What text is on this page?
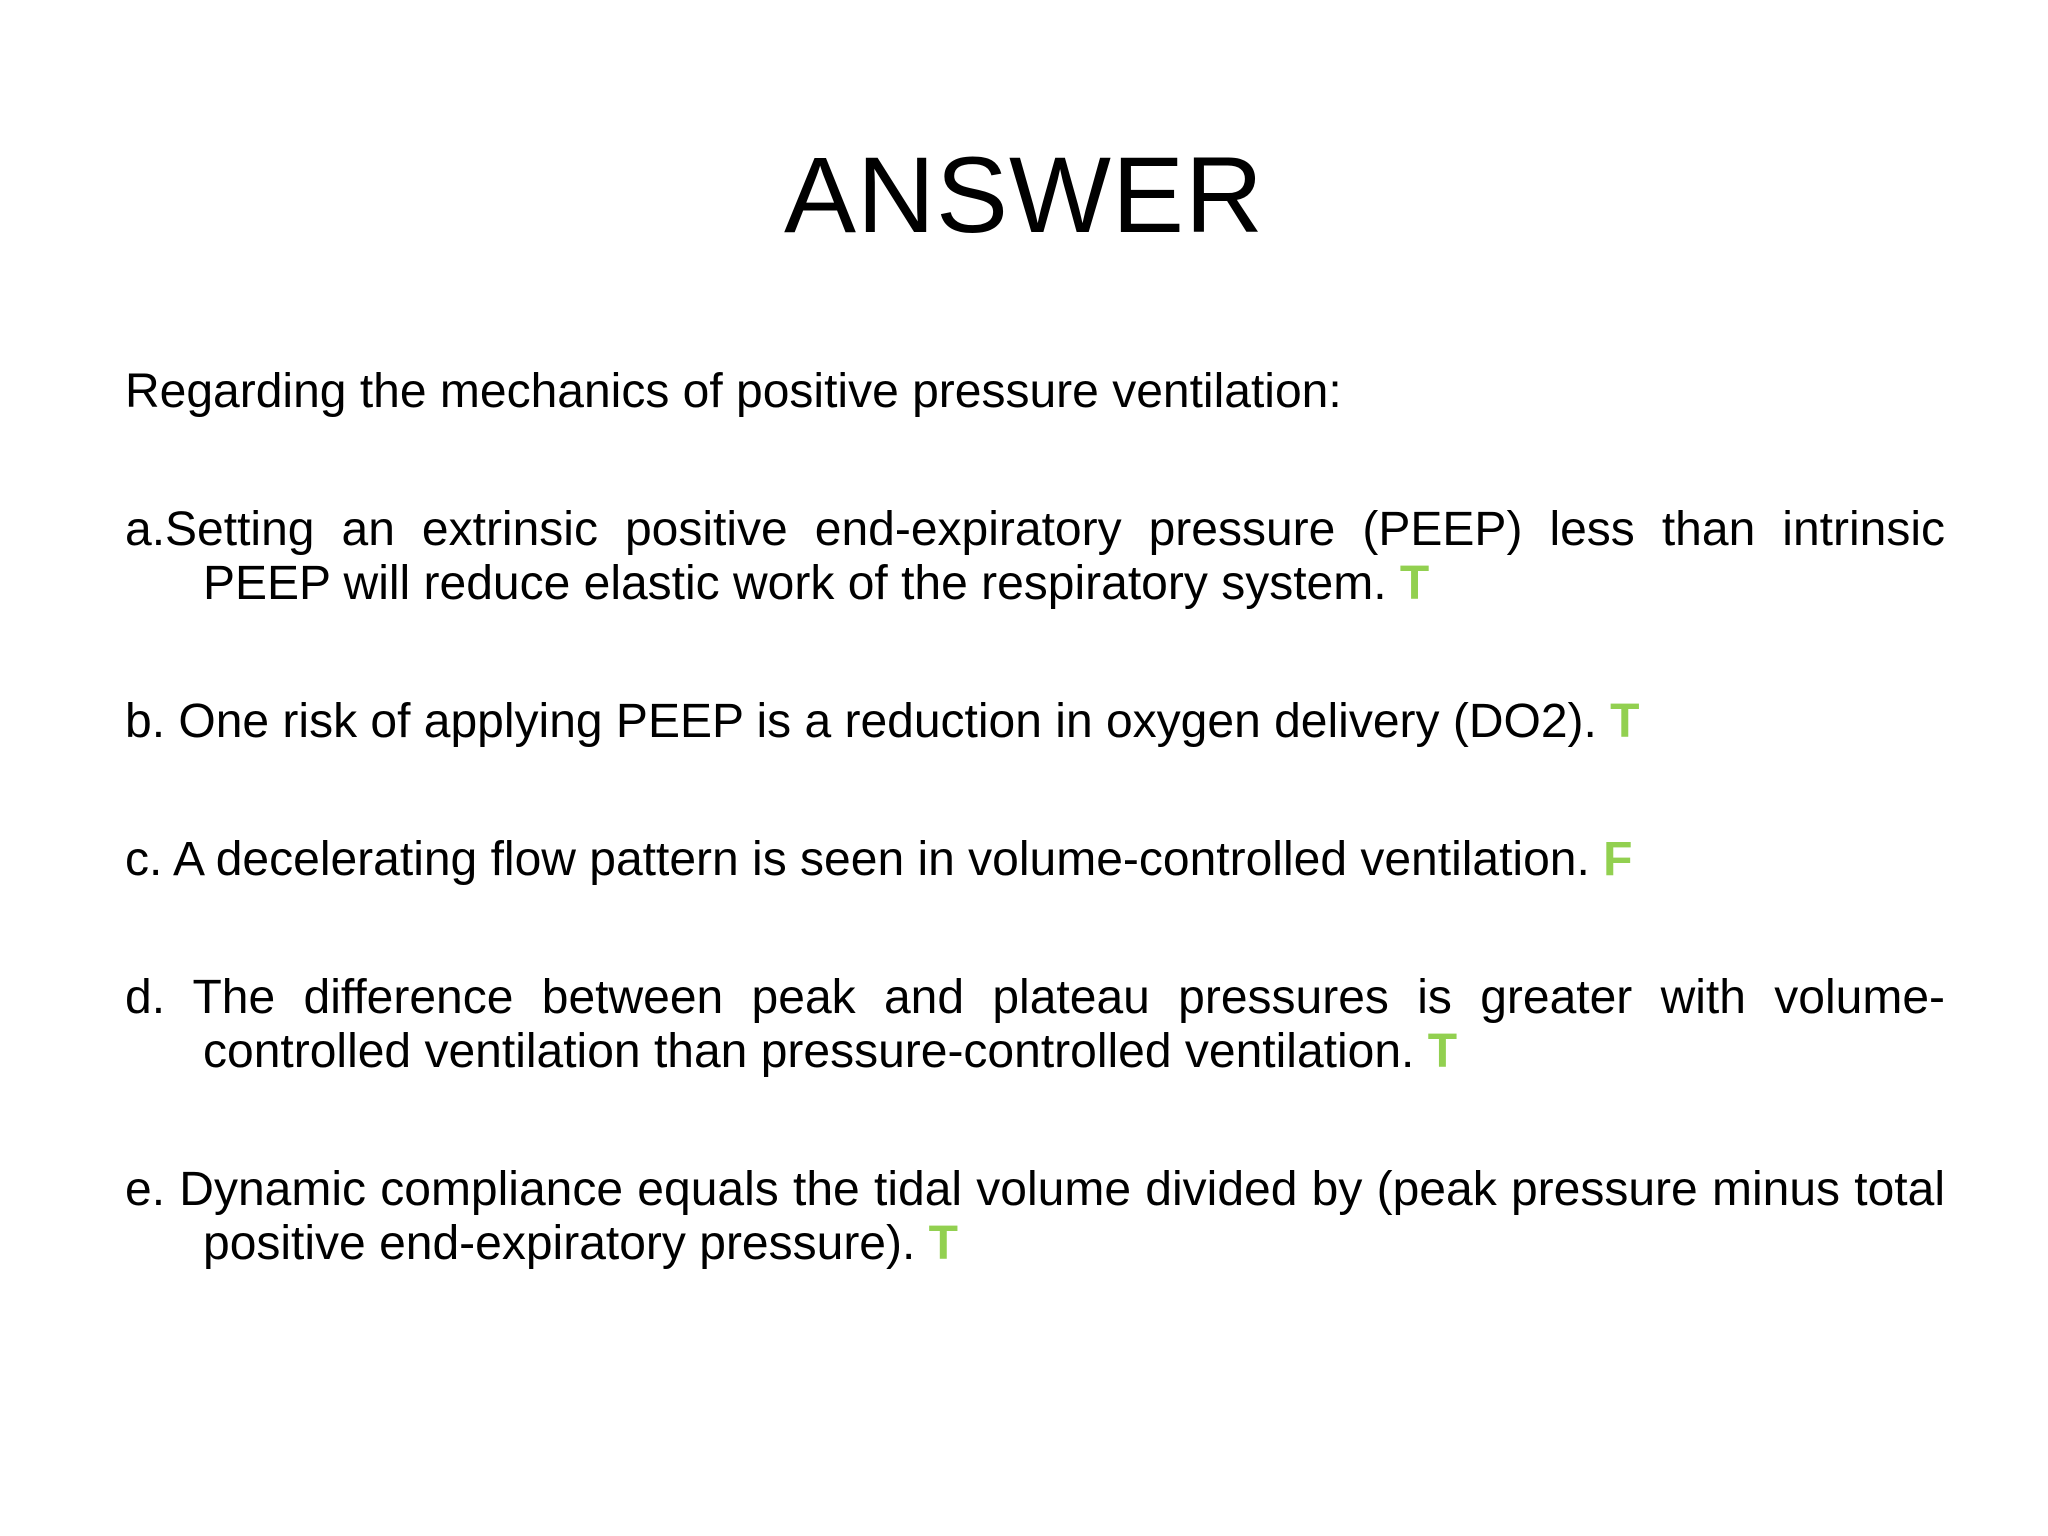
ANSWER

Regarding the mechanics of positive pressure ventilation:

a.Setting an extrinsic positive end-expiratory pressure (PEEP) less than intrinsic PEEP will reduce elastic work of the respiratory system. T

b. One risk of applying PEEP is a reduction in oxygen delivery (DO2). T

c. A decelerating flow pattern is seen in volume-controlled ventilation. F

d. The difference between peak and plateau pressures is greater with volume-controlled ventilation than pressure-controlled ventilation. T

e. Dynamic compliance equals the tidal volume divided by (peak pressure minus total positive end-expiratory pressure). T
